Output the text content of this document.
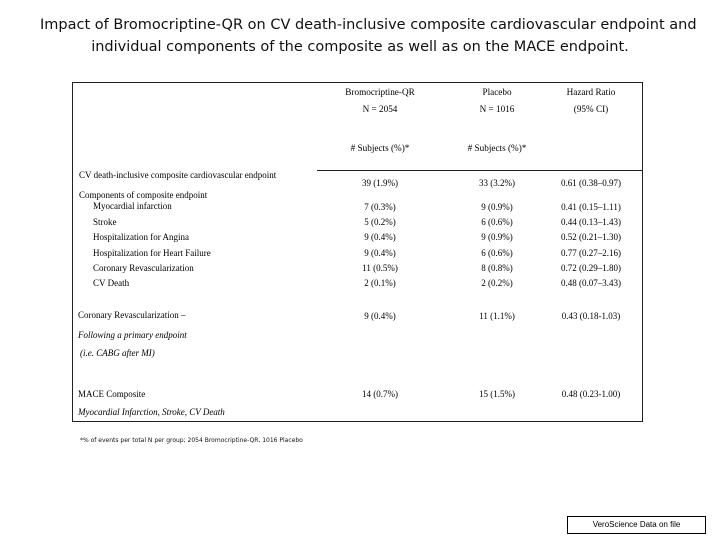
Impact of Bromocriptine-QR on CV death-inclusive composite cardiovascular endpoint and
individual components of the composite as well as on the MACE endpoint.
Bromocriptine-QR	Placebo	Hazard Ratio
N = 2054	N = 1016	(95% CI)
# Subjects (%)*	# Subjects (%)*
CV death-inclusive composite cardiovascular endpoint
39 (1.9%)	33 (3.2%)	0.61 (0.38–0.97)
Components of composite endpoint
Myocardial infarction	7 (0.3%)	9 (0.9%)	0.41 (0.15–1.11)
Stroke	5 (0.2%)	6 (0.6%)	0.44 (0.13–1.43)
Hospitalization for Angina	9 (0.4%)	9 (0.9%)	0.52 (0.21–1.30)
Hospitalization for Heart Failure	9 (0.4%)	6 (0.6%)	0.77 (0.27–2.16)
Coronary Revascularization	11 (0.5%)	8 (0.8%)	0.72 (0.29–1.80)
CV Death	2 (0.1%)	2 (0.2%)	0.48 (0.07–3.43)
Coronary Revascularization –
Following a primary endpoint
(i.e. CABG after MI)
9 (0.4%)	11 (1.1%)	0.43 (0.18-1.03)
MACE Composite
Myocardial Infarction, Stroke, CV Death
14 (0.7%)	15 (1.5%)	0.48 (0.23-1.00)
*% of events per total N per group; 2054 Bromocriptine-QR, 1016 Placebo
VeroScience Data on file
